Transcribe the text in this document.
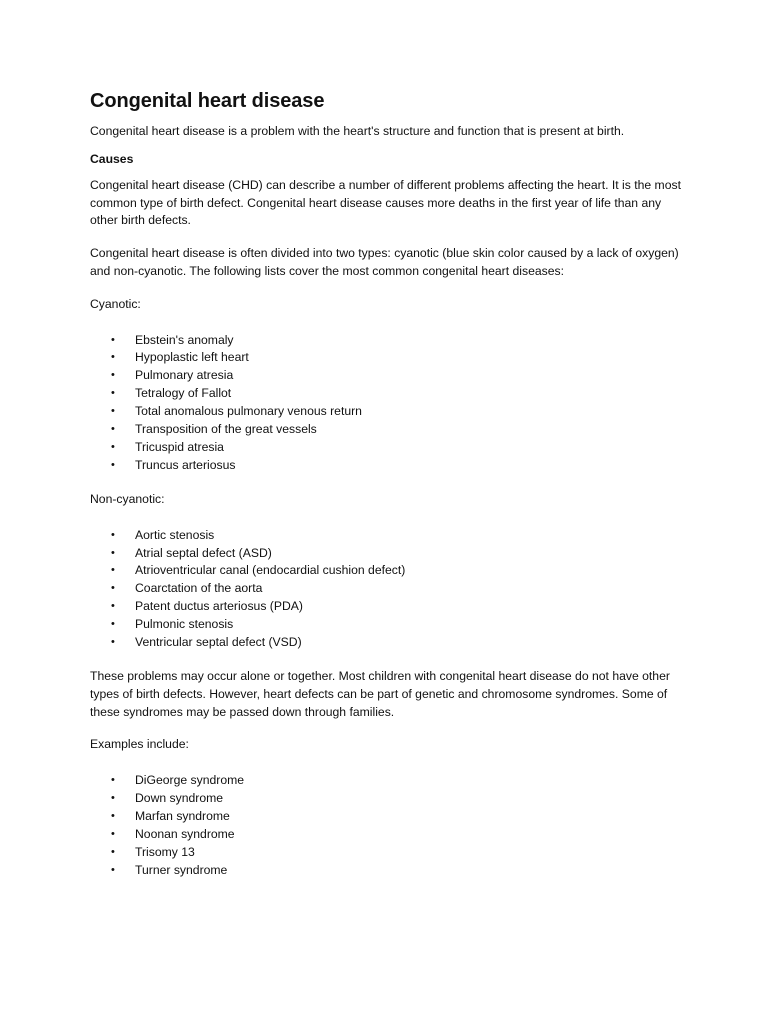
Congenital heart disease

Congenital heart disease is a problem with the heart's structure and function that is present at birth.

Causes

Congenital heart disease (CHD) can describe a number of different problems affecting the heart. It is the most common type of birth defect. Congenital heart disease causes more deaths in the first year of life than any other birth defects.

Congenital heart disease is often divided into two types: cyanotic (blue skin color caused by a lack of oxygen) and non-cyanotic. The following lists cover the most common congenital heart diseases:

Cyanotic:

• Ebstein's anomaly
• Hypoplastic left heart
• Pulmonary atresia
• Tetralogy of Fallot
• Total anomalous pulmonary venous return
• Transposition of the great vessels
• Tricuspid atresia
• Truncus arteriosus

Non-cyanotic:

• Aortic stenosis
• Atrial septal defect (ASD)
• Atrioventricular canal (endocardial cushion defect)
• Coarctation of the aorta
• Patent ductus arteriosus (PDA)
• Pulmonic stenosis
• Ventricular septal defect (VSD)

These problems may occur alone or together. Most children with congenital heart disease do not have other types of birth defects. However, heart defects can be part of genetic and chromosome syndromes. Some of these syndromes may be passed down through families.

Examples include:

• DiGeorge syndrome
• Down syndrome
• Marfan syndrome
• Noonan syndrome
• Trisomy 13
• Turner syndrome
